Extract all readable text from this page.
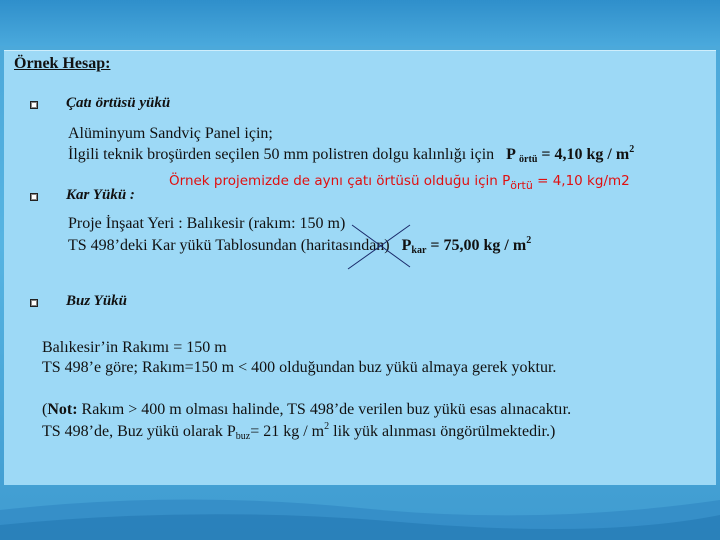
Örnek Hesap:
Çatı örtüsü yükü
Alüminyum Sandviç Panel için;
İlgili teknik broşürden seçilen 50 mm polistren dolgu kalınlığı için P $_{örtü}$ = 4,10 kg / $m^2$
Kar Yükü :
Örnek projemizde de aynı çatı örtüsü olduğu için $P_{örtü} = 4,10$ kg/m2
Proje İnşaat Yeri : Balıkesir (rakım: 150 m)
TS 498’deki Kar yükü Tablosundan (haritasından) $P_{kar} = 75,00$ kg / $m^2$
Buz Yükü
Balıkesir’in Rakımı = 150 m
TS 498’e göre; Rakım=150 m < 400 olduğundan buz yükü almaya gerek yoktur.
(Not: Rakım > 400 m olması halinde, TS 498’de verilen buz yükü esas alınacaktır.
TS 498’de, Buz yükü olarak $P_{buz}= 21$ kg / $m^2$ lik yük alınması öngörülmektedir.)
